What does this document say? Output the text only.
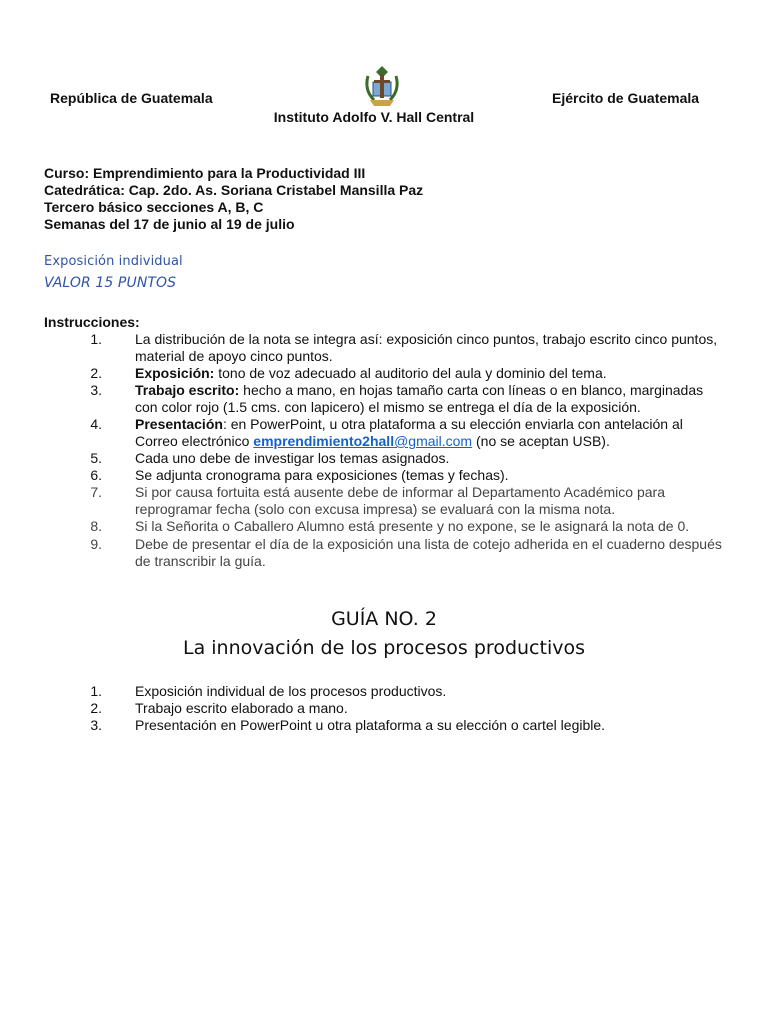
República de Guatemala	Ejército de Guatemala
Instituto Adolfo V. Hall Central
Curso: Emprendimiento para la Productividad III
Catedrática: Cap. 2do. As. Soriana Cristabel Mansilla Paz
Tercero básico secciones A, B, C
Semanas del 17 de junio al 19 de julio
Exposición individual
VALOR 15 PUNTOS
Instrucciones:
1. La distribución de la nota se integra así: exposición cinco puntos, trabajo escrito cinco puntos,
material de apoyo cinco puntos.
2. Exposición: tono de voz adecuado al auditorio del aula y dominio del tema.
3. Trabajo escrito: hecho a mano, en hojas tamaño carta con líneas o en blanco, marginadas
con color rojo (1.5 cms. con lapicero) el mismo se entrega el día de la exposición.
4. Presentación: en PowerPoint, u otra plataforma a su elección enviarla con antelación al
Correo electrónico emprendimiento2hall@gmail.com (no se aceptan USB).
5. Cada uno debe de investigar los temas asignados.
6. Se adjunta cronograma para exposiciones (temas y fechas).
7. Si por causa fortuita está ausente debe de informar al Departamento Académico para
reprogramar fecha (solo con excusa impresa) se evaluará con la misma nota.
8. Si la Señorita o Caballero Alumno está presente y no expone, se le asignará la nota de 0.
9. Debe de presentar el día de la exposición una lista de cotejo adherida en el cuaderno después
de transcribir la guía.
GUÍA NO. 2
La innovación de los procesos productivos
1. Exposición individual de los procesos productivos.
2. Trabajo escrito elaborado a mano.
3. Presentación en PowerPoint u otra plataforma a su elección o cartel legible.
